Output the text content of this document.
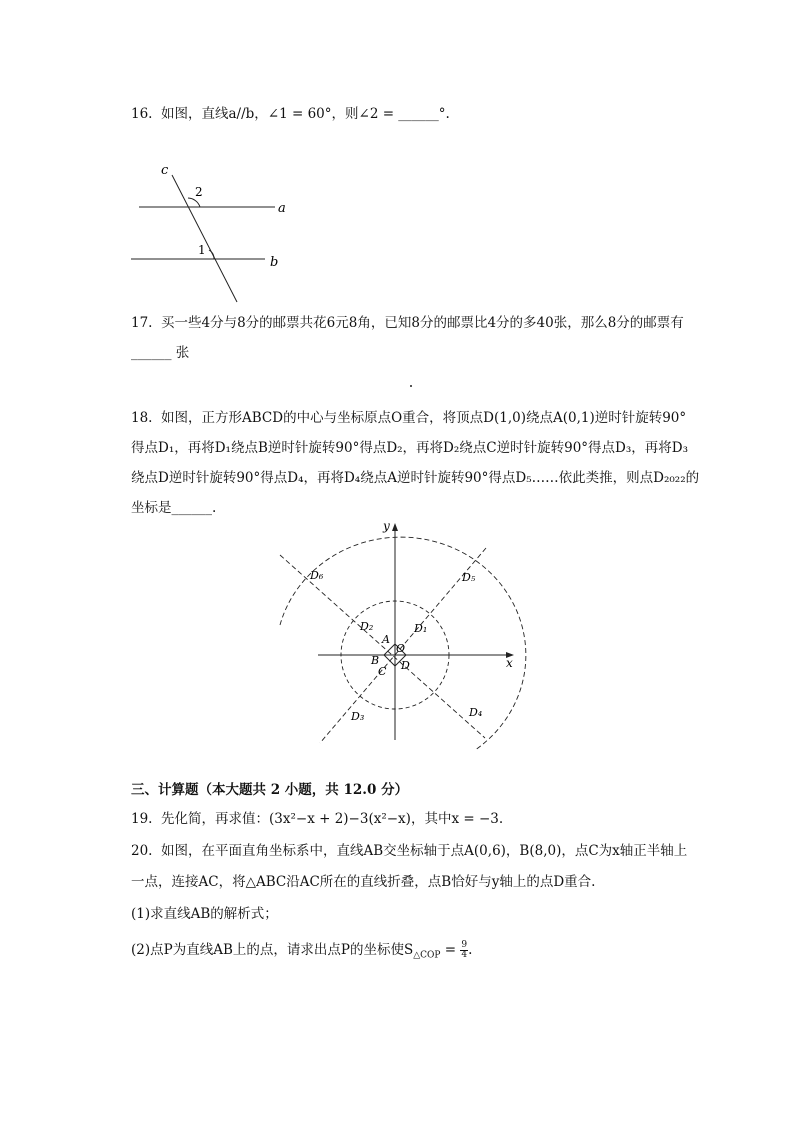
16. 如图，直线a//b，∠1 = 60°，则∠2 = ______°.
c
2
a
1
b
17. 买一些4分与8分的邮票共花6元8角，已知8分的邮票比4分的多40张，那么8分的邮票有
______ 张
18. 如图，正方形ABCD的中心与坐标原点O重合，将顶点D(1,0)绕点A(0,1)逆时针旋转90°
得点D₁，再将D₁绕点B逆时针旋转90°得点D₂，再将D₂绕点C逆时针旋转90°得点D₃，再将D₃
绕点D逆时针旋转90°得点D₄，再将D₄绕点A逆时针旋转90°得点D₅……依此类推，则点D₂₀₂₂的
坐标是______.
y
x
O
A
B
C D
D₁
D₂
D₃	D₄
D₅
D₆
三、计算题（本大题共 2 小题，共 12.0 分）
19. 先化简，再求值：(3x²−x + 2)−3(x²−x)，其中x = −3.
20. 如图，在平面直角坐标系中，直线AB交坐标轴于点A(0,6)，B(8,0)，点C为x轴正半轴上
一点，连接AC，将△ABC沿AC所在的直线折叠，点B恰好与y轴上的点D重合.
(1)求直线AB的解析式；
(2)点P为直线AB上的点，请求出点P的坐标使$S_{\triangle COP} = \frac{9}{4}$ .
